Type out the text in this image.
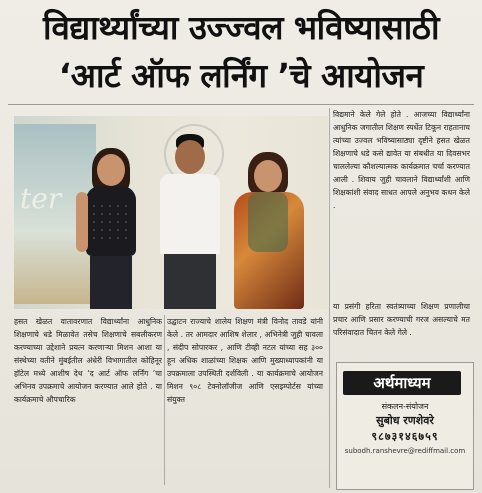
विद्यार्थ्यांच्या उज्ज्वल भविष्यासाठी
‘आर्ट ऑफ लर्निंग ’चे आयोजन
ter
हसत खेळत वातावरणात विद्यार्थ्यांना आधुनिक शिक्षणाचे धडे मिळावेत तसेच शिक्षणाचे सबलीकरण करण्याच्या उद्देशाने प्रयत्न करणाऱ्या मिशन आशा या संस्थेच्या वतीने मुंबईतील अंधेरी विभागातील कोहिनूर हॉटेल मध्ये आशीष देथ ‘द आर्ट ऑफ लर्निंग ’चा अभिनव उपक्रमाचे आयोजन करण्यात आले होते . या कार्यक्रमाचे औपचारिक
उद्घाटन राज्याचे शालेय शिक्षण मंत्री विनोद तावडे यांनी केले . तर आमदार आशिष शेलार , अभिनेत्री जुही चावला , संदीप सोपारकर , आणि टीव्ही नटल यांच्या सह ३०० हून अधिक शाळांच्या शिक्षक आणि मुख्याध्यापकांनी या उपक्रमाला उपस्थिती दर्शविली . या कार्यक्रमाचे आयोजन मिशन ९०८ टेक्नोलॉजीज आणि एसइम्पोर्टस यांच्या संयुक्त
विद्यमाने केले गेले होते . आजच्या विद्यार्थ्यांना आधुनिक जगातील शिक्षण स्पर्धेत टिकून राहतानाच त्यांच्या उज्वल भविष्यासाठ्या दृष्टीने हसत खेळत शिक्षणाचे धडे कसे द्यावेत या संबधीत या दिवसभर चाललेल्या कौशल्यात्मक कार्यक्रमात चर्चा करण्यात आली . शिवाय जुही चावलाने विद्यार्थ्यांशी आणि शिक्षकांशी संवाद साधत आपले अनुभव कथन केले .
या प्रसंगी हरिता स्वतंत्र्याच्या शिक्षण प्रणालीचा प्रचार आणि प्रसार करण्याची गरज असल्याचे मत परिसंवादात चितन केले गेले .
अर्थमाध्यम
संकलन-संयोजन
सुबोध रणशेवरे
९८७३१४६७५९
subodh.ranshevre@rediffmail.com
